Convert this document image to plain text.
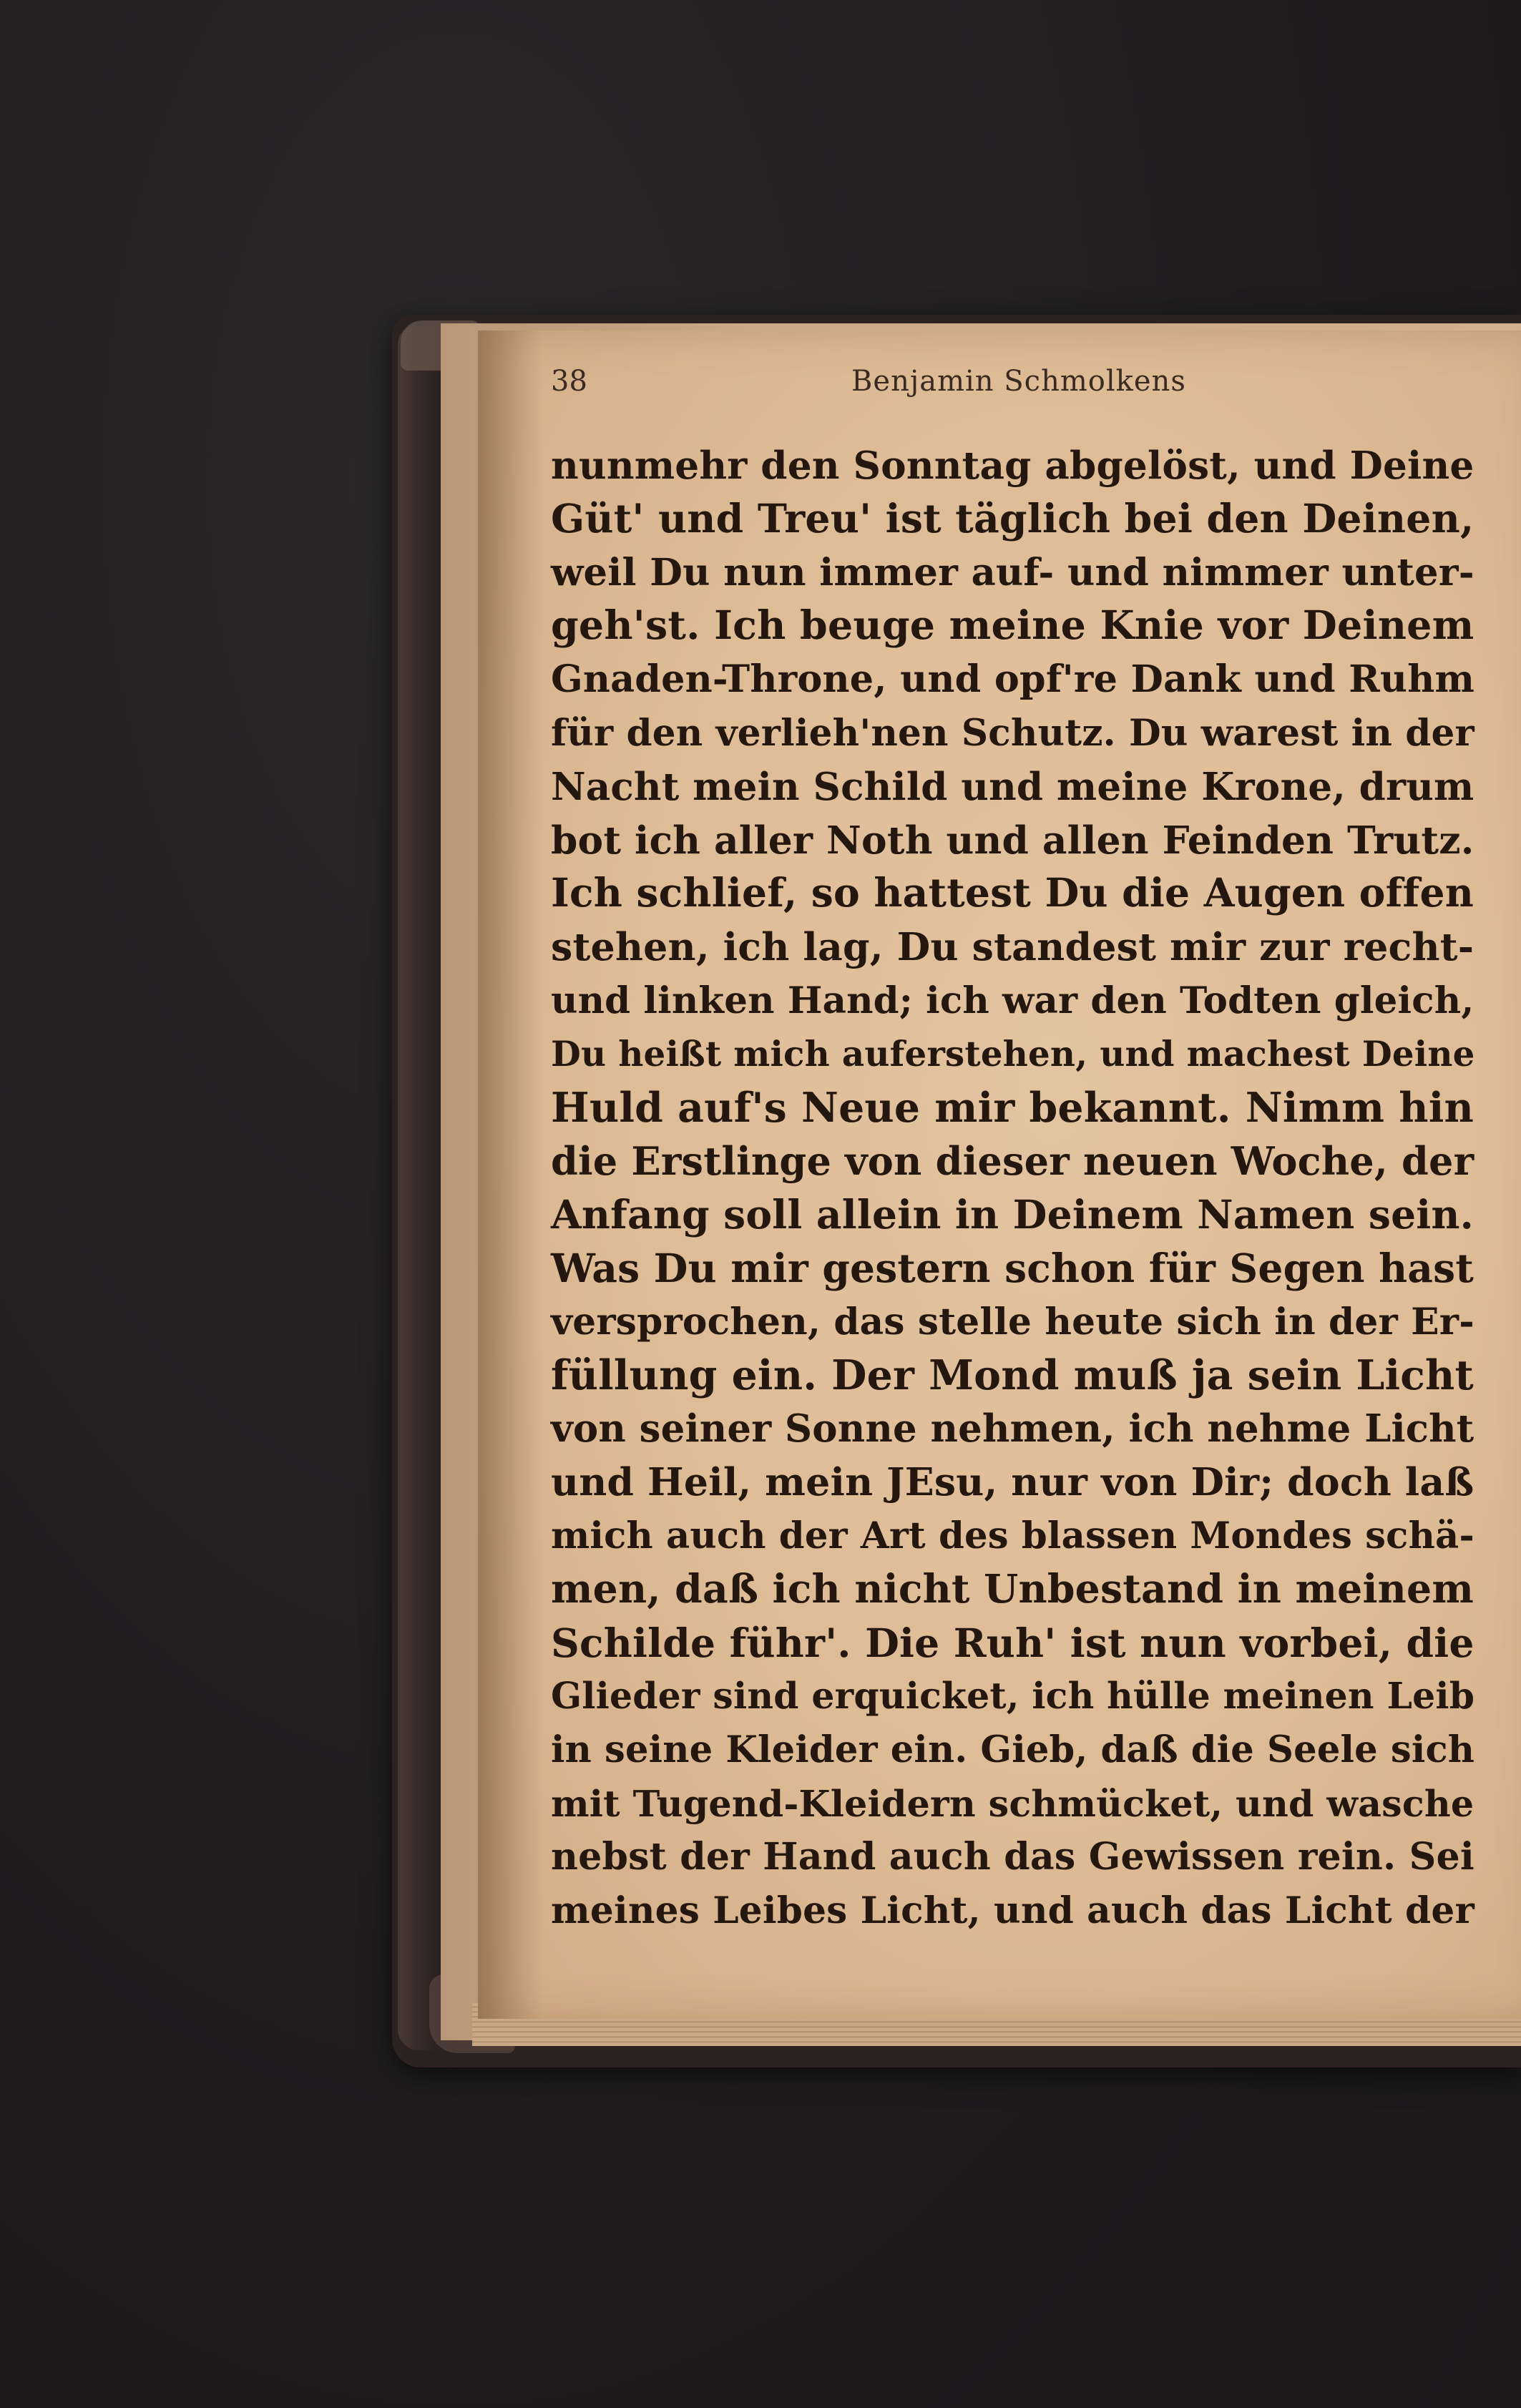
38	Benjamin Schmolkens
nunmehr den Sonntag abgelöst, und Deine
Güt' und Treu' ist täglich bei den Deinen,
weil Du nun immer auf- und nimmer unter-
geh'st. Ich beuge meine Knie vor Deinem
Gnaden-Throne, und opf're Dank und Ruhm
für den verlieh'nen Schutz. Du warest in der
Nacht mein Schild und meine Krone, drum
bot ich aller Noth und allen Feinden Trutz.
Ich schlief, so hattest Du die Augen offen
stehen, ich lag, Du standest mir zur recht-
und linken Hand; ich war den Todten gleich,
Du heißt mich auferstehen, und machest Deine
Huld auf's Neue mir bekannt. Nimm hin
die Erstlinge von dieser neuen Woche, der
Anfang soll allein in Deinem Namen sein.
Was Du mir gestern schon für Segen hast
versprochen, das stelle heute sich in der Er-
füllung ein. Der Mond muß ja sein Licht
von seiner Sonne nehmen, ich nehme Licht
und Heil, mein JEsu, nur von Dir; doch laß
mich auch der Art des blassen Mondes schä-
men, daß ich nicht Unbestand in meinem
Schilde führ'. Die Ruh' ist nun vorbei, die
Glieder sind erquicket, ich hülle meinen Leib
in seine Kleider ein. Gieb, daß die Seele sich
mit Tugend-Kleidern schmücket, und wasche
nebst der Hand auch das Gewissen rein. Sei
meines Leibes Licht, und auch das Licht der
